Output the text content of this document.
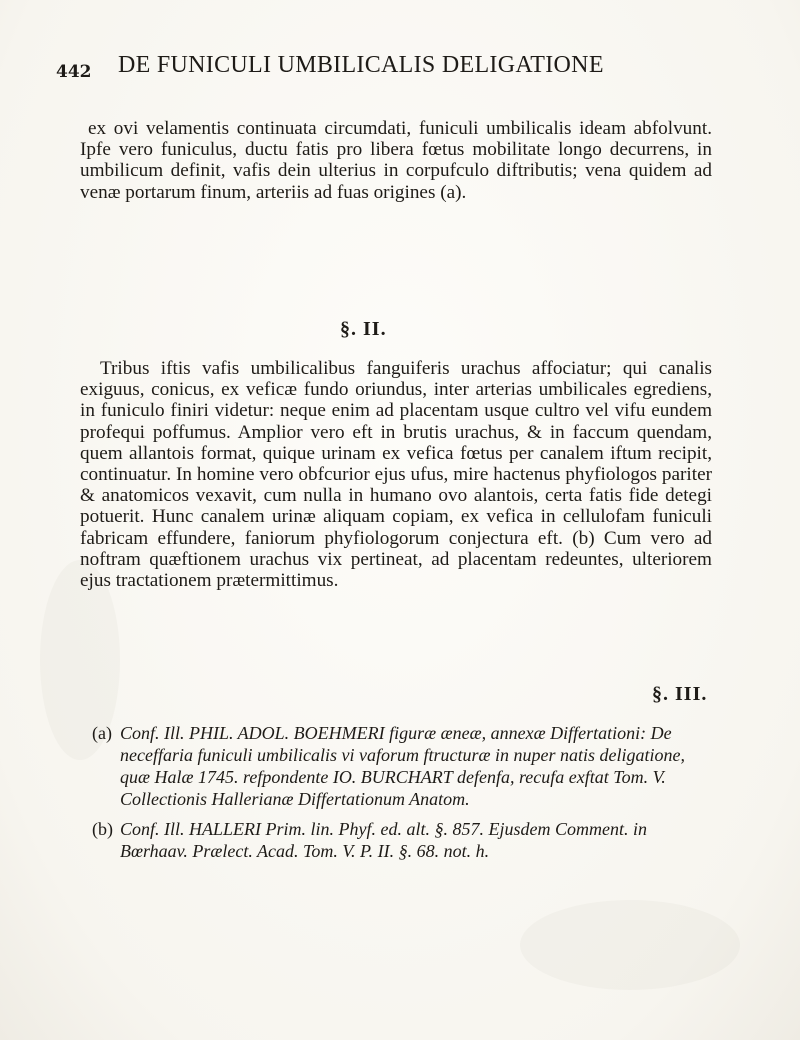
442 DE FUNICULI UMBILICALIS DELIGATIONE

ex ovi velamentis continuata circumdati, funiculi umbilicalis ideam abfolvunt. Ipfe vero funiculus, ductu fatis pro libera fœtus mobilitate longo decurrens, in umbilicum definit, vafis dein ulterius in corpufculo diftributis; vena quidem ad venæ portarum finum, arteriis ad fuas origines (a).

§. II.

Tribus iftis vafis umbilicalibus fanguiferis urachus affociatur; qui canalis exiguus, conicus, ex veficæ fundo oriundus, inter arterias umbilicales egrediens, in funiculo finiri videtur: neque enim ad placentam usque cultro vel vifu eundem profequi poffumus. Amplior vero eft in brutis urachus, & in faccum quendam, quem allantois format, quique urinam ex vefica fœtus per canalem iftum recipit, continuatur. In homine vero obfcurior ejus ufus, mire hactenus phyfiologos pariter & anatomicos vexavit, cum nulla in humano ovo alantois, certa fatis fide detegi potuerit. Hunc canalem urinæ aliquam copiam, ex vefica in cellulofam funiculi fabricam effundere, faniorum phyfiologorum conjectura eft. (b) Cum vero ad noftram quæftionem urachus vix pertineat, ad placentam redeuntes, ulteriorem ejus tractationem prætermittimus.

§. III.
(a) Conf. Ill. PHIL. ADOL. BOEHMERI figuræ æneæ, annexæ Differtationi: De neceffaria funiculi umbilicalis vi vaforum ftructuræ in nuper natis deligatione, quæ Halæ 1745. refpondente IO. BURCHART defenfa, recufa exftat Tom. V. Collectionis Hallerianæ Differtationum Anatom.
(b) Conf. Ill. HALLERI Prim. lin. Phyf. ed. alt. §. 857. Ejusdem Comment. in Bœrhaav. Prælect. Acad. Tom. V. P. II. §. 68. not. h.
